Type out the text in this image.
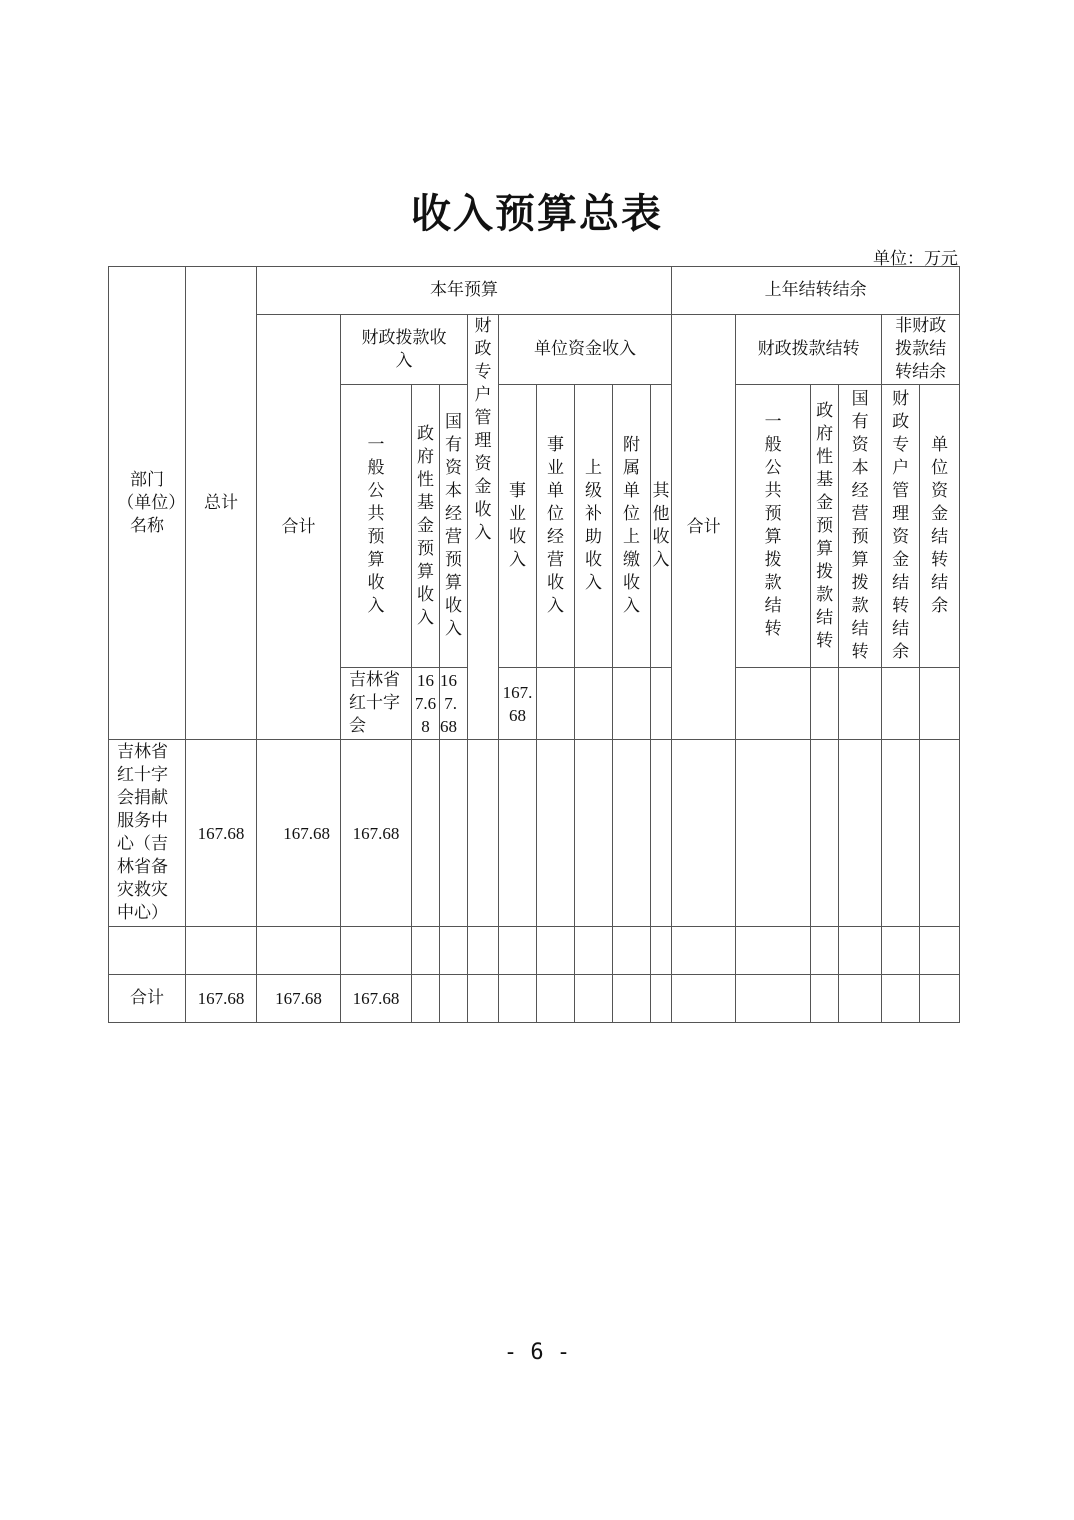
收入预算总表
单位：万元
部门（单位）名称	总计	本年预算										上年结转结余						
		合计	财政拨款收入			财政专户管理资金收入	单位资金收入					合计	财政拨款结转			非财政拨款结转结余		
			一般公共预算收入	政府性基金预算收入	国有资本经营预算收入		事业收入	事业单位经营收入	上级补助收入	附属单位上缴收入	其他收入		一般公共预算拨款结转	政府性基金预算拨款结转	国有资本经营预算拨款结转	财政专户管理资金结转结余	单位资金结转结余	
			吉林省红十字会	167.68	167.68		167.68														
吉林省红十字会捐献服务中心（吉林省备灾救灾中心）	167.68	167.68	167.68															

合计	167.68	167.68	167.68															
- 6 -
